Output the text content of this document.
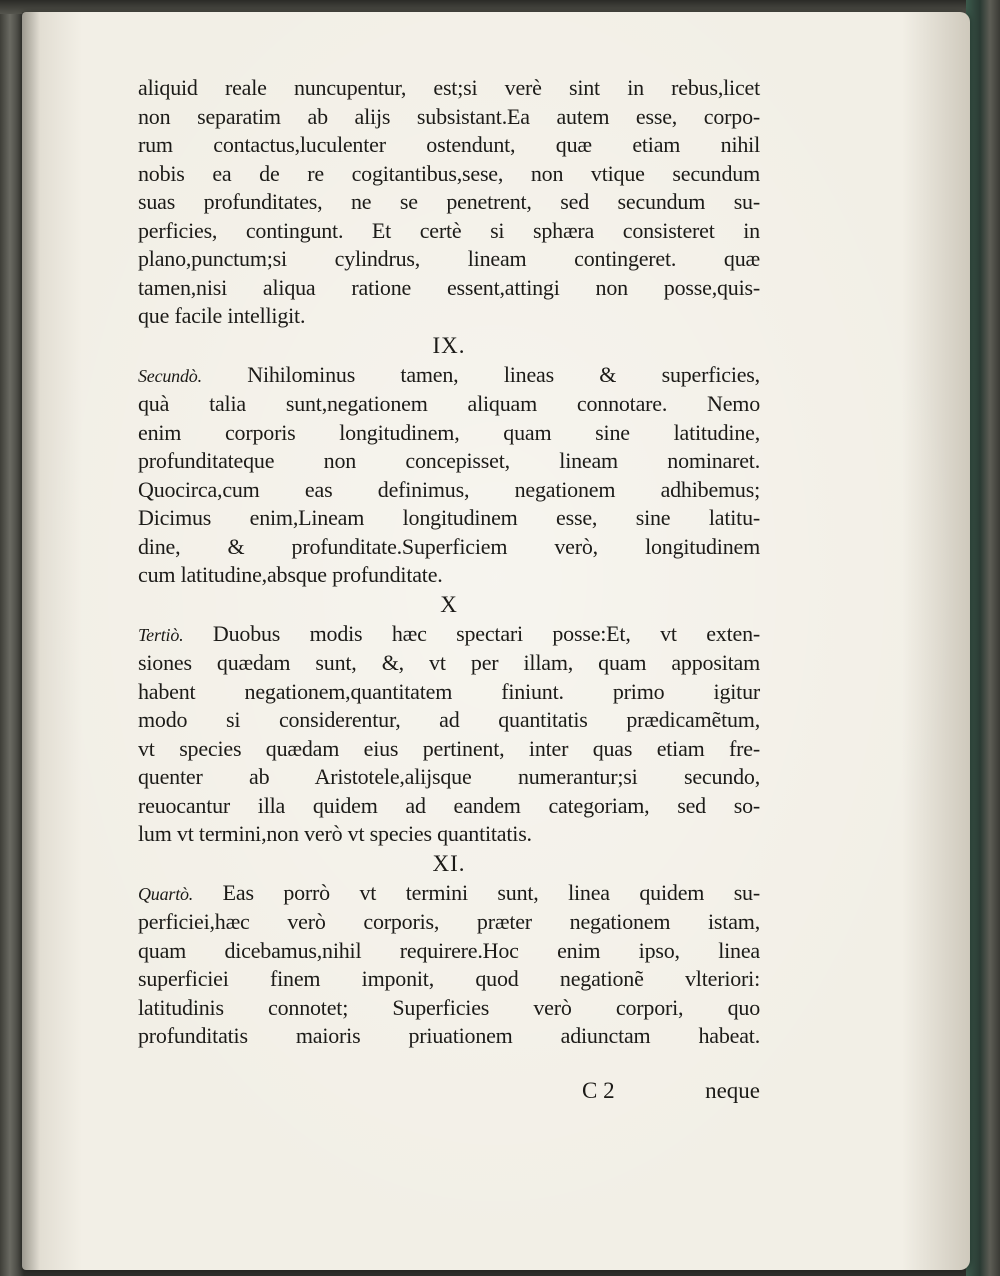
aliquid reale nuncupentur, est;si verè sint in rebus,licet
non separatim ab alijs subsistant.Ea autem esse, corpo-
rum contactus,luculenter ostendunt, quæ etiam nihil
nobis ea de re cogitantibus,sese, non vtique secundum
suas profunditates, ne se penetrent, sed secundum su-
perficies, contingunt. Et certè si sphæra consisteret in
plano,punctum;si cylindrus, lineam contingeret. quæ
tamen,nisi aliqua ratione essent,attingi non posse,quis-
que facile intelligit.
IX.
Secundò. Nihilominus tamen, lineas & superficies,
quà talia sunt,negationem aliquam connotare. Nemo
enim corporis longitudinem, quam sine latitudine,
profunditateque non concepisset, lineam nominaret.
Quocirca,cum eas definimus, negationem adhibemus;
Dicimus enim,Lineam longitudinem esse, sine latitu-
dine, & profunditate.Superficiem verò, longitudinem
cum latitudine,absque profunditate.
X
Tertiò. Duobus modis hæc spectari posse:Et, vt exten-
siones quædam sunt, &, vt per illam, quam appositam
habent negationem,quantitatem finiunt. primo igitur
modo si considerentur, ad quantitatis prædicamẽtum,
vt species quædam eius pertinent, inter quas etiam fre-
quenter ab Aristotele,alijsque numerantur;si secundo,
reuocantur illa quidem ad eandem categoriam, sed so-
lum vt termini,non verò vt species quantitatis.
XI.
Quartò. Eas porrò vt termini sunt, linea quidem su-
perficiei,hæc verò corporis, præter negationem istam,
quam dicebamus,nihil requirere.Hoc enim ipso, linea
superficiei finem imponit, quod negationẽ vlteriori:
latitudinis connotet; Superficies verò corpori, quo
profunditatis maioris priuationem adiunctam habeat.
C 2	neque
